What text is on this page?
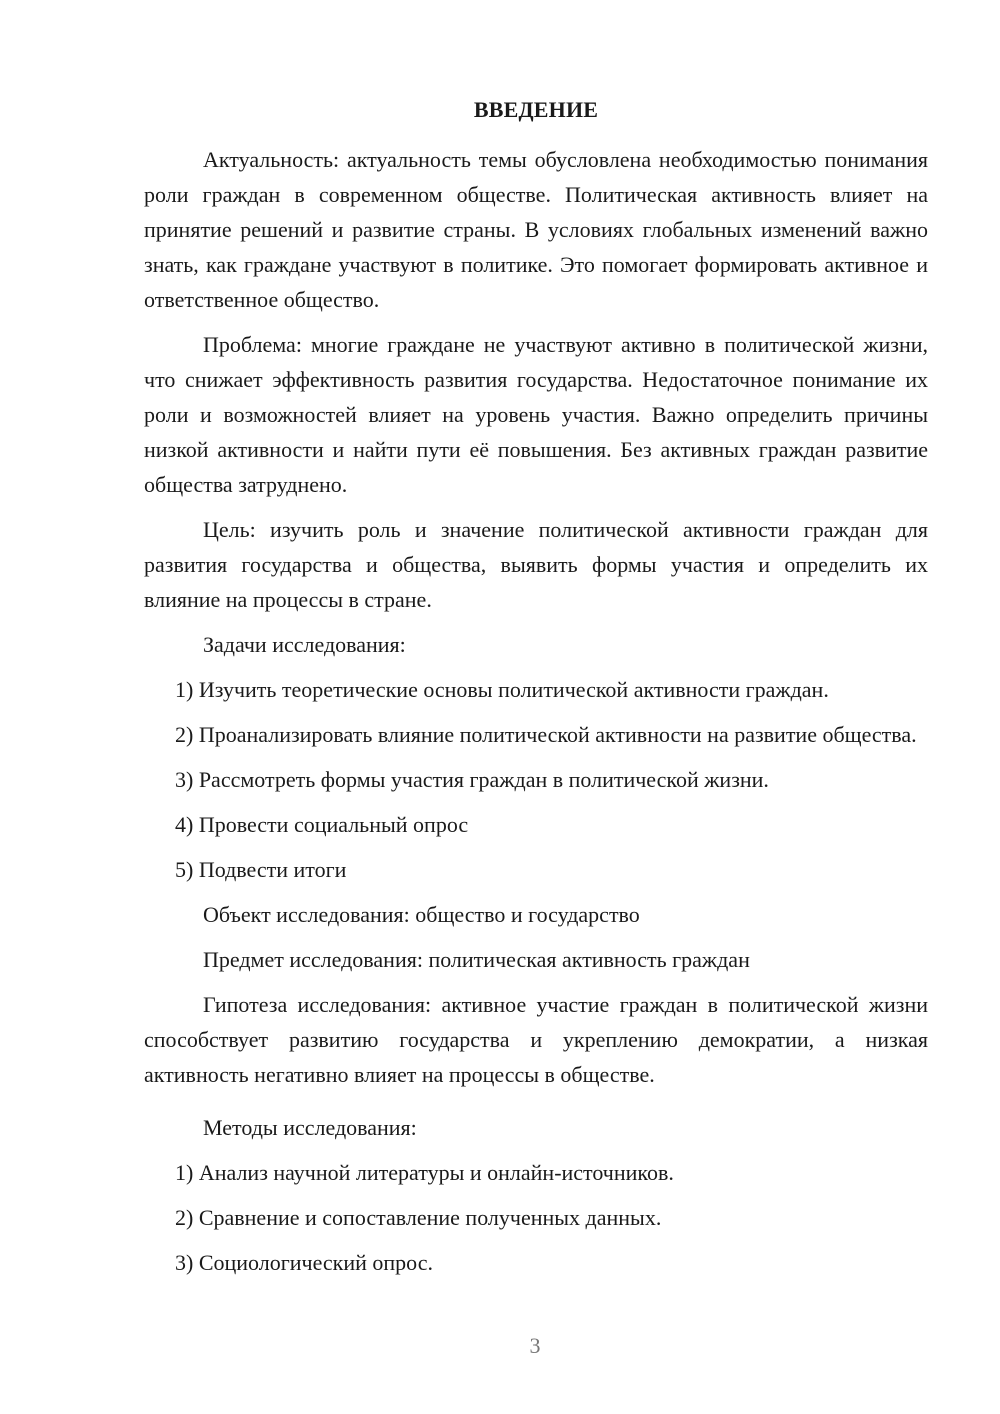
ВВЕДЕНИЕ

Актуальность: актуальность темы обусловлена необходимостью понимания роли граждан в современном обществе. Политическая активность влияет на принятие решений и развитие страны. В условиях глобальных изменений важно знать, как граждане участвуют в политике. Это помогает формировать активное и ответственное общество.

Проблема: многие граждане не участвуют активно в политической жизни, что снижает эффективность развития государства. Недостаточное понимание их роли и возможностей влияет на уровень участия. Важно определить причины низкой активности и найти пути её повышения. Без активных граждан развитие общества затруднено.

Цель: изучить роль и значение политической активности граждан для развития государства и общества, выявить формы участия и определить их влияние на процессы в стране.

Задачи исследования:

1) Изучить теоретические основы политической активности граждан.

2) Проанализировать влияние политической активности на развитие общества.

3) Рассмотреть формы участия граждан в политической жизни.

4) Провести социальный опрос

5) Подвести итоги

Объект исследования: общество и государство

Предмет исследования: политическая активность граждан

Гипотеза исследования: активное участие граждан в политической жизни способствует развитию государства и укреплению демократии, а низкая активность негативно влияет на процессы в обществе.

Методы исследования:

1) Анализ научной литературы и онлайн-источников.

2) Сравнение и сопоставление полученных данных.

3) Социологический опрос.

3
